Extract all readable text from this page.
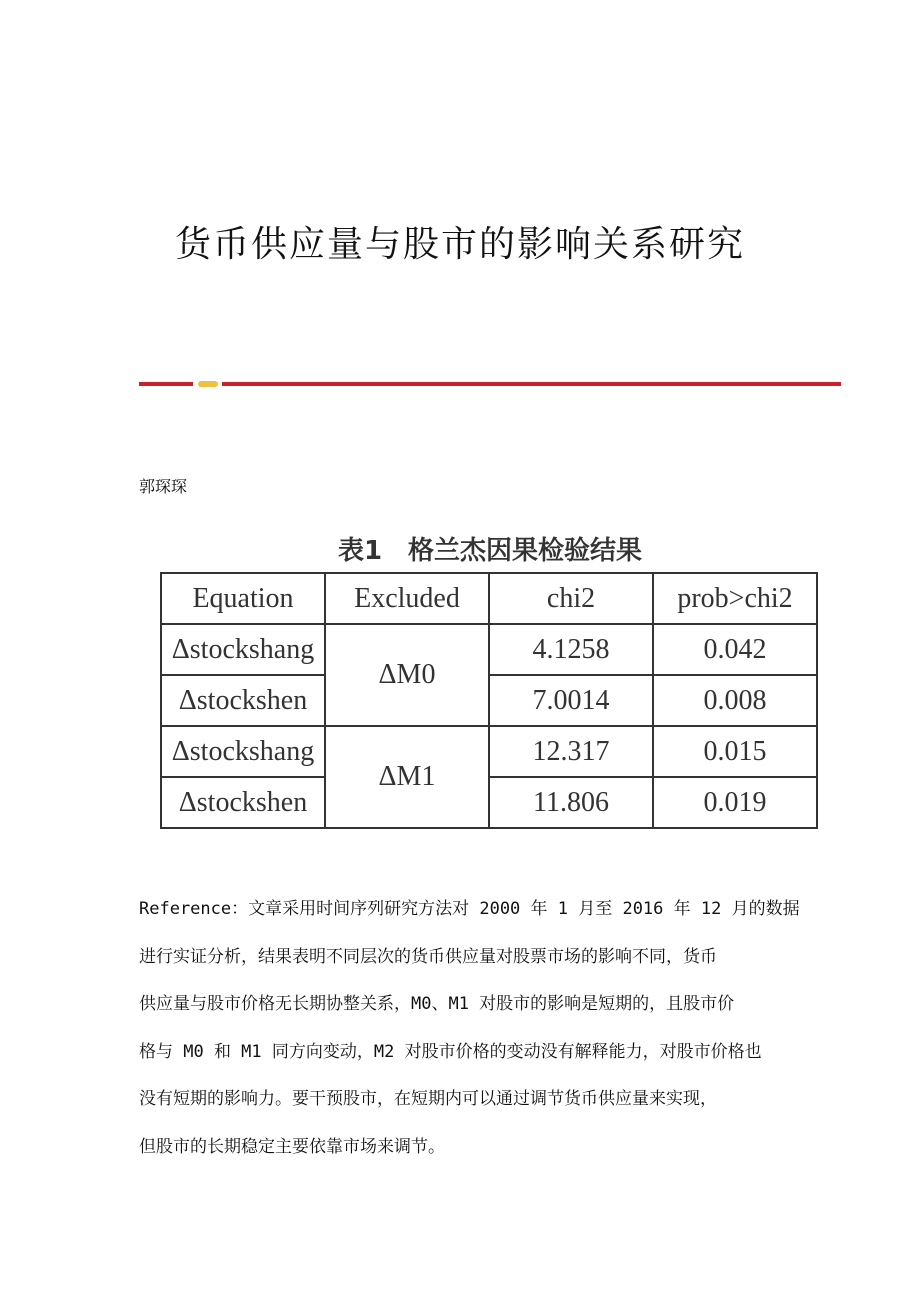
货币供应量与股市的影响关系研究
郭琛琛
表1　格兰杰因果检验结果
Equation	Excluded	chi2	prob>chi2
Δstockshang	ΔM0	4.1258	0.042
Δstockshen		7.0014	0.008
Δstockshang	ΔM1	12.317	0.015
Δstockshen		11.806	0.019
Reference：文章采用时间序列研究方法对 2000 年 1 月至 2016 年 12 月的数据
进行实证分析，结果表明不同层次的货币供应量对股票市场的影响不同，货币
供应量与股市价格无长期协整关系，M0、M1 对股市的影响是短期的，且股市价
格与 M0 和 M1 同方向变动，M2 对股市价格的变动没有解释能力，对股市价格也
没有短期的影响力。要干预股市，在短期内可以通过调节货币供应量来实现，
但股市的长期稳定主要依靠市场来调节。
